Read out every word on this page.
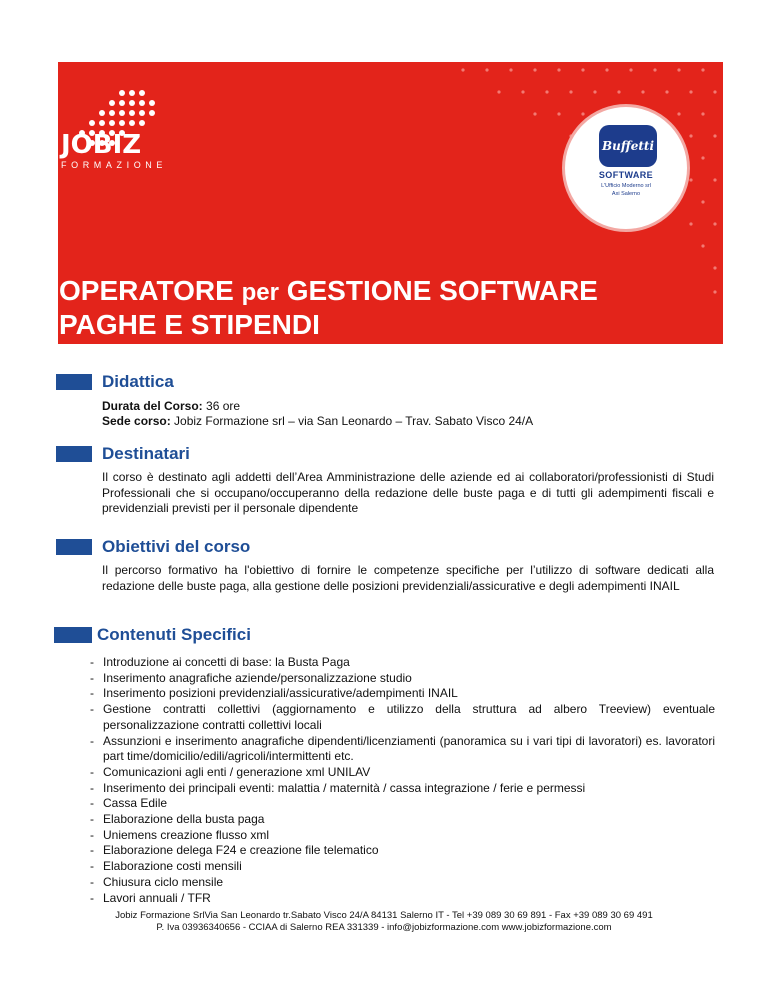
JOBIZ
FORMAZIONE
Buffetti
SOFTWARE
L'Ufficio Moderno srl
Axi Salerno
OPERATORE per GESTIONE SOFTWARE
PAGHE E STIPENDI
Didattica

Durata del Corso: 36 ore

Sede corso: Jobiz Formazione srl – via San Leonardo – Trav. Sabato Visco 24/A

Destinatari

Il corso è destinato agli addetti dell’Area Amministrazione delle aziende ed ai collaboratori/professionisti di Studi Professionali che si occupano/occuperanno della redazione delle buste paga e di tutti gli adempimenti fiscali e previdenziali previsti per il personale dipendente

Obiettivi del corso

Il percorso formativo ha l'obiettivo di fornire le competenze specifiche per l’utilizzo di software dedicati alla redazione delle buste paga, alla gestione delle posizioni previdenziali/assicurative e degli adempimenti INAIL

Contenuti Specifici
- Introduzione ai concetti di base: la Busta Paga
- Inserimento anagrafiche aziende/personalizzazione studio
- Inserimento posizioni previdenziali/assicurative/adempimenti INAIL
- Gestione contratti collettivi (aggiornamento e utilizzo della struttura ad albero Treeview) eventuale personalizzazione contratti collettivi locali
- Assunzioni e inserimento anagrafiche dipendenti/licenziamenti (panoramica su i vari tipi di lavoratori) es. lavoratori part time/domicilio/edili/agricoli/intermittenti etc.
- Comunicazioni agli enti / generazione xml UNILAV
- Inserimento dei principali eventi: malattia / maternità / cassa integrazione / ferie e permessi
- Cassa Edile
- Elaborazione della busta paga
- Uniemens creazione flusso xml
- Elaborazione delega F24 e creazione file telematico
- Elaborazione costi mensili
- Chiusura ciclo mensile
- Lavori annuali / TFR
Jobiz Formazione SrlVia San Leonardo tr.Sabato Visco 24/A 84131 Salerno IT - Tel +39 089 30 69 891 - Fax +39 089 30 69 491
P. Iva 03936340656 - CCIAA di Salerno REA 331339 - info@jobizformazione.com www.jobizformazione.com
